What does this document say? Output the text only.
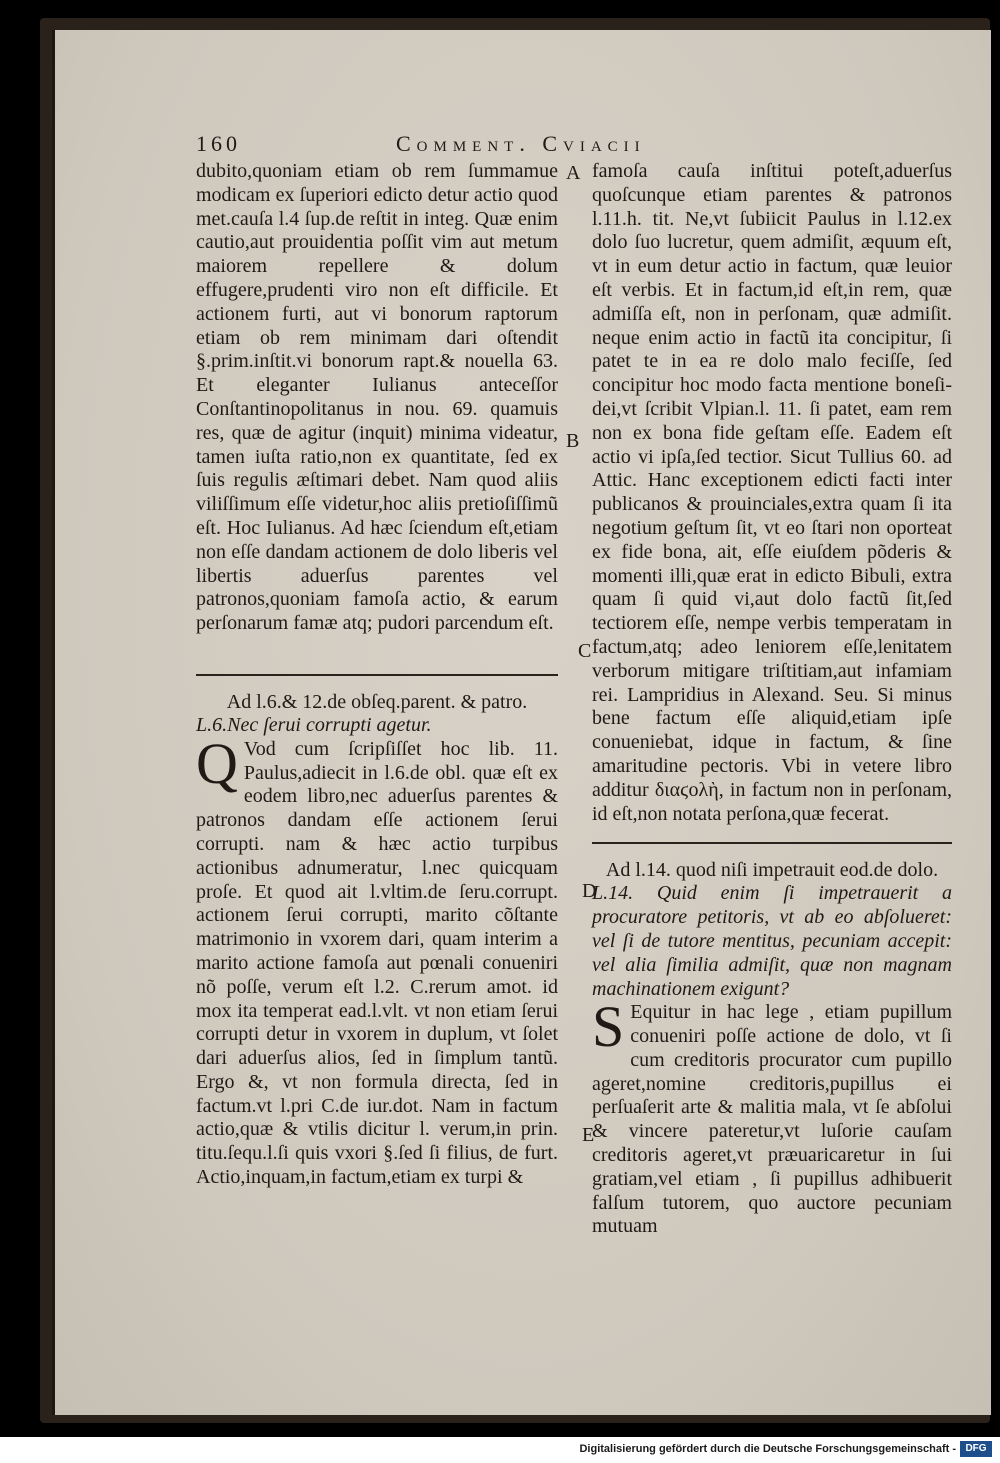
160	Comment. Cviacii
A
B
C
D
E

dubito,quoniam etiam ob rem ſummamue modicam ex ſuperiori edicto detur actio quod met.cauſa l.4 ſup.de reſtit in integ. Quæ enim cautio,aut prouidentia poſſit vim aut metum maiorem repellere & dolum effugere,prudenti viro non eſt difficile. Et actionem furti, aut vi bonorum raptorum etiam ob rem minimam dari oſtendit §.prim.inſtit.vi bonorum rapt.& nouella 63. Et eleganter Iulianus anteceſſor Conſtantinopolitanus in nou. 69. quamuis res, quæ de agitur (inquit) minima videatur, tamen iuſta ratio,non ex quantitate, ſed ex ſuis regulis æſtimari debet. Nam quod aliis viliſſimum eſſe videtur,hoc aliis pretioſiſſimũ eſt. Hoc Iulianus. Ad hæc ſciendum eſt,etiam non eſſe dandam actionem de dolo liberis vel libertis aduerſus parentes vel patronos,quoniam famoſa actio, & earum perſonarum famæ atq; pudori parcendum eſt.

Ad l.6.& 12.de obſeq.parent. & patro.

L.6.Nec ſerui corrupti agetur.

Q Vod cum ſcripſiſſet hoc lib. 11. Paulus,adiecit in l.6.de obl. quæ eſt ex eodem libro,nec aduerſus parentes & patronos dandam eſſe actionem ſerui corrupti. nam & hæc actio turpibus actionibus adnumeratur, l.nec quicquam proſe. Et quod ait l.vltim.de ſeru.corrupt. actionem ſerui corrupti, marito cõſtante matrimonio in vxorem dari, quam interim a marito actione famoſa aut pœnali conueniri nõ poſſe, verum eſt l.2. C.rerum amot. id mox ita temperat ead.l.vlt. vt non etiam ſerui corrupti detur in vxorem in duplum, vt ſolet dari aduerſus alios, ſed in ſimplum tantũ. Ergo &, vt non formula directa, ſed in factum.vt l.pri C.de iur.dot. Nam in factum actio,quæ & vtilis dicitur l. verum,in prin. titu.ſequ.l.ſi quis vxori §.ſed ſi filius, de furt. Actio,inquam,in factum,etiam ex turpi &

famoſa cauſa inſtitui poteſt,aduerſus quoſcunque etiam parentes & patronos l.11.h. tit. Ne,vt ſubiicit Paulus in l.12.ex dolo ſuo lucretur, quem admiſit, æquum eſt, vt in eum detur actio in factum, quæ leuior eſt verbis. Et in factum,id eſt,in rem, quæ admiſſa eſt, non in perſonam, quæ admiſit. neque enim actio in factũ ita concipitur, ſi patet te in ea re dolo malo feciſſe, ſed concipitur hoc modo facta mentione boneſi-dei,vt ſcribit Vlpian.l. 11. ſi patet, eam rem non ex bona fide geſtam eſſe. Eadem eſt actio vi ipſa,ſed tectior. Sicut Tullius 60. ad Attic. Hanc exceptionem edicti facti inter publicanos & prouinciales,extra quam ſi ita negotium geſtum ſit, vt eo ſtari non oporteat ex fide bona, ait, eſſe eiuſdem põderis & momenti illi,quæ erat in edicto Bibuli, extra quam ſi quid vi,aut dolo factũ ſit,ſed tectiorem eſſe, nempe verbis temperatam in factum,atq; adeo leniorem eſſe,lenitatem verborum mitigare triſtitiam,aut infamiam rei. Lampridius in Alexand. Seu. Si minus bene factum eſſe aliquid,etiam ipſe conueniebat, idque in factum, & ſine amaritudine pectoris. Vbi in vetere libro additur διαϛολὴ, in factum non in perſonam, id eſt,non notata perſona,quæ fecerat.

Ad l.14. quod niſi impetrauit eod.de dolo.

L.14. Quid enim ſi impetrauerit a procuratore petitoris, vt ab eo abſolueret: vel ſi de tutore mentitus, pecuniam accepit: vel alia ſimilia admiſit, quæ non magnam machinationem exigunt?

S Equitur in hac lege , etiam pupillum conueniri poſſe actione de dolo, vt ſi cum creditoris procurator cum pupillo ageret,nomine creditoris,pupillus ei perſuaſerit arte & malitia mala, vt ſe abſolui & vincere pateretur,vt luſorie cauſam creditoris ageret,vt præuaricaretur in ſui gratiam,vel etiam , ſi pupillus adhibuerit falſum tutorem, quo auctore pecuniam mutuam

Digitalisierung gefördert durch die Deutsche Forschungsgemeinschaft - DFG
